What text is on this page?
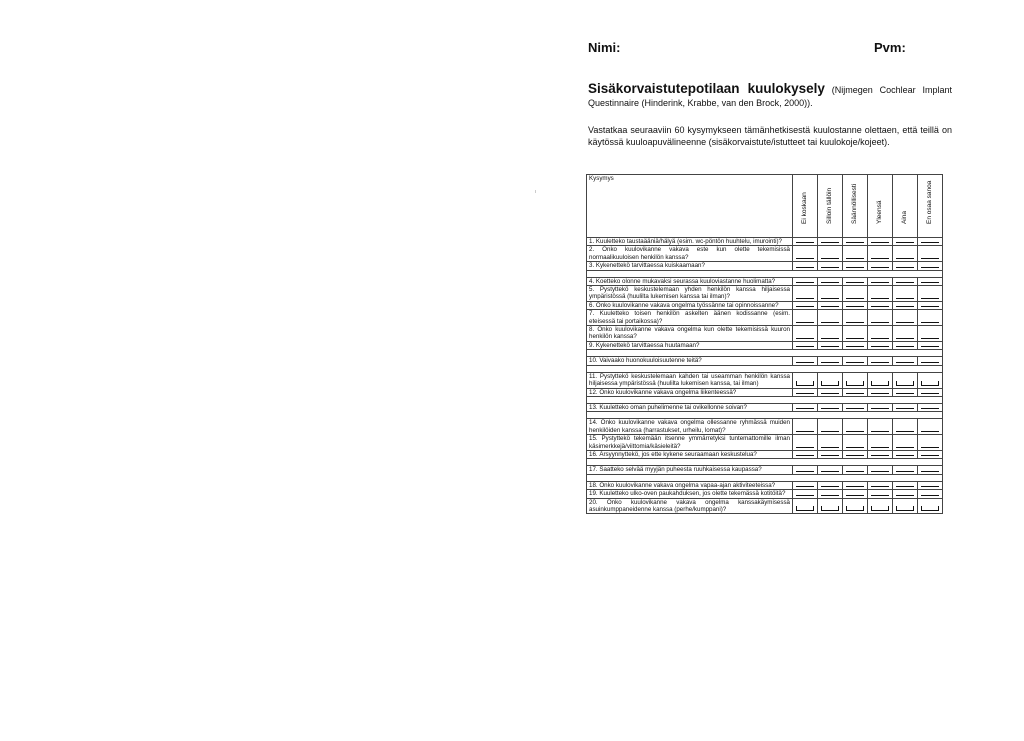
Nimi:	Pvm:
Sisäkorvaistutepotilaan kuulokysely (Nijmegen Cochlear Implant Questinnaire (Hinderink, Krabbe, van den Brock, 2000)).
Vastatkaa seuraaviin 60 kysymykseen tämänhetkisestä kuulostanne olettaen, että teillä on käytössä kuuloapuvälineenne (sisäkorvaistute/istutteet tai kuulokoje/kojeet).
Kysymys	Ei koskaan	Silloin tällöin	Säännöllisesti	Yleensä	Aina	En osaa sanoa

1. Kuuletteko taustaääniä/hälyä (esim. wc-pöntön huuhtelu, imurointi)?	

2. Onko kuulovikanne vakava este kun olette tekemisissä normaalikuuloisen henkilön kanssa?	

3. Kykenettekö tarvittaessa kuiskaamaan?	

4. Koetteko olonne mukavaksi seurassa kuuloviastanne huolimatta?	

5. Pystyttekö keskustelemaan yhden henkilön kanssa hiljaisessa ympäristössä (huulilta lukemisen kanssa tai ilman)?	

6. Onko kuulovikanne vakava ongelma työssänne tai opinnoissanne?	

7. Kuuletteko toisen henkilön askelten äänen kodissanne (esim. eteisessä tai portaikossa)?	

8. Onko kuulovikanne vakava ongelma kun olette tekemisissä kuuron henkilön kanssa?	

9. Kykenettekö tarvittaessa huutamaan?	

10. Vaivaako huonokuuloisuutenne teitä?	

11. Pystyttekö keskustelemaan kahden tai useamman henkilön kanssa hiljaisessa ympäristössä (huulilta lukemisen kanssa, tai ilman)	

12. Onko kuulovikanne vakava ongelma liikenteessä?	

13. Kuuletteko oman puhelimenne tai ovikellonne soivan?	

14. Onko kuulovikanne vakava ongelma ollessanne ryhmässä muiden henkilöiden kanssa (harrastukset, urheilu, lomat)?	

15. Pystyttekö tekemään itsenne ymmärretyksi tuntemattomille ilman käsimerkkejä/viittomia/käsieleitä?	

16. Ärsyynnyttekö, jos ette kykene seuraamaan keskustelua?	

17. Saatteko selvää myyjän puheesta ruuhkaisessa kaupassa?	

18. Onko kuulovikanne vakava ongelma vapaa-ajan aktiviteeteissa?	

19. Kuuletteko ulko-oven paukahduksen, jos olette tekemässä kotitöitä?	

20. Onko kuulovikanne vakava ongelma kanssakäymisessä asuinkumppaneidenne kanssa (perhe/kumppani)?	
